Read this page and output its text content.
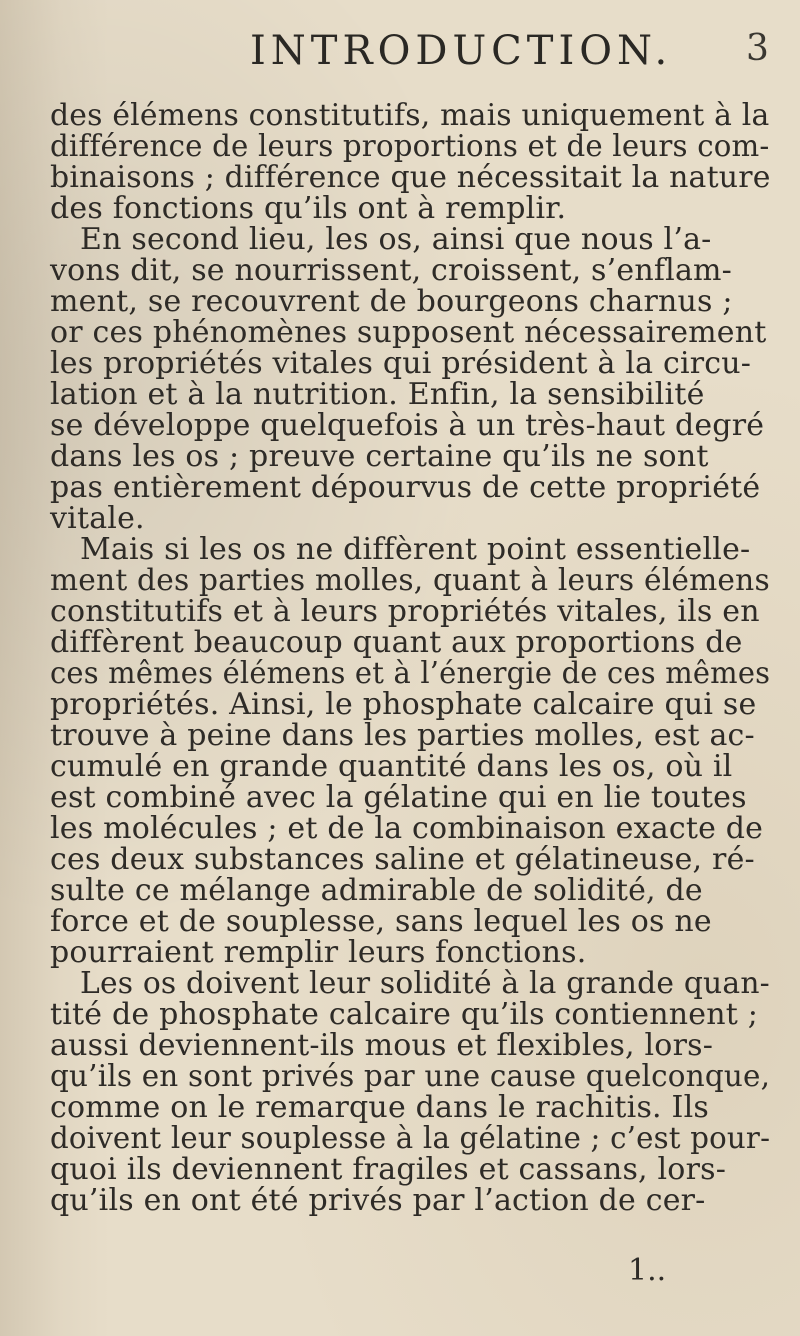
INTRODUCTION. 3
des élémens constitutifs, mais uniquement à la
différence de leurs proportions et de leurs com-
binaisons ; différence que nécessitait la nature
des fonctions qu’ils ont à remplir.
En second lieu, les os, ainsi que nous l’a-
vons dit, se nourrissent, croissent, s’enflam-
ment, se recouvrent de bourgeons charnus ;
or ces phénomènes supposent nécessairement
les propriétés vitales qui président à la circu-
lation et à la nutrition. Enfin, la sensibilité
se développe quelquefois à un très-haut degré
dans les os ; preuve certaine qu’ils ne sont
pas entièrement dépourvus de cette propriété
vitale.
Mais si les os ne diffèrent point essentielle-
ment des parties molles, quant à leurs élémens
constitutifs et à leurs propriétés vitales, ils en
diffèrent beaucoup quant aux proportions de
ces mêmes élémens et à l’énergie de ces mêmes
propriétés. Ainsi, le phosphate calcaire qui se
trouve à peine dans les parties molles, est ac-
cumulé en grande quantité dans les os, où il
est combiné avec la gélatine qui en lie toutes
les molécules ; et de la combinaison exacte de
ces deux substances saline et gélatineuse, ré-
sulte ce mélange admirable de solidité, de
force et de souplesse, sans lequel les os ne
pourraient remplir leurs fonctions.
Les os doivent leur solidité à la grande quan-
tité de phosphate calcaire qu’ils contiennent ;
aussi deviennent-ils mous et flexibles, lors-
qu’ils en sont privés par une cause quelconque,
comme on le remarque dans le rachitis. Ils
doivent leur souplesse à la gélatine ; c’est pour-
quoi ils deviennent fragiles et cassans, lors-
qu’ils en ont été privés par l’action de cer-
1..
